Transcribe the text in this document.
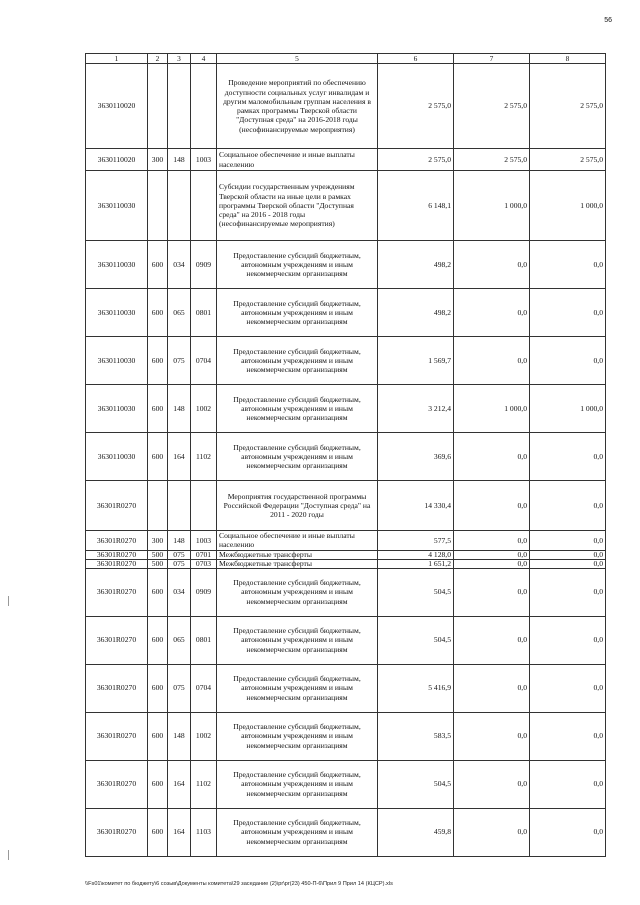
56
1	2	3	4	5	6	7	8
3630110020				Проведение мероприятий по обеспечению доступности социальных услуг инвалидам и другим маломобильным группам населения в рамках программы Тверской области "Доступная среда" на 2016-2018 годы (несофинансируемые мероприятия)	2 575,0	2 575,0	2 575,0
3630110020	300	148	1003	Социальное обеспечение и иные выплаты населению	2 575,0	2 575,0	2 575,0
3630110030				Субсидии государственным учреждениям Тверской области на иные цели в рамках программы Тверской области "Доступная среда" на 2016 - 2018 годы (несофинансируемые мероприятия)	6 148,1	1 000,0	1 000,0
3630110030	600	034	0909	Предоставление субсидий бюджетным, автономным учреждениям и иным некоммерческим организациям	498,2	0,0	0,0
3630110030	600	065	0801	Предоставление субсидий бюджетным, автономным учреждениям и иным некоммерческим организациям	498,2	0,0	0,0
3630110030	600	075	0704	Предоставление субсидий бюджетным, автономным учреждениям и иным некоммерческим организациям	1 569,7	0,0	0,0
3630110030	600	148	1002	Предоставление субсидий бюджетным, автономным учреждениям и иным некоммерческим организациям	3 212,4	1 000,0	1 000,0
3630110030	600	164	1102	Предоставление субсидий бюджетным, автономным учреждениям и иным некоммерческим организациям	369,6	0,0	0,0
36301R0270				Мероприятия государственной программы Российской Федерации "Доступная среда" на 2011 - 2020 годы	14 330,4	0,0	0,0
36301R0270	300	148	1003	Социальное обеспечение и иные выплаты населению	577,5	0,0	0,0
36301R0270	500	075	0701	Межбюджетные трансферты	4 128,0	0,0	0,0
36301R0270	500	075	0703	Межбюджетные трансферты	1 651,2	0,0	0,0
36301R0270	600	034	0909	Предоставление субсидий бюджетным, автономным учреждениям и иным некоммерческим организациям	504,5	0,0	0,0
36301R0270	600	065	0801	Предоставление субсидий бюджетным, автономным учреждениям и иным некоммерческим организациям	504,5	0,0	0,0
36301R0270	600	075	0704	Предоставление субсидий бюджетным, автономным учреждениям и иным некоммерческим организациям	5 416,9	0,0	0,0
36301R0270	600	148	1002	Предоставление субсидий бюджетным, автономным учреждениям и иным некоммерческим организациям	583,5	0,0	0,0
36301R0270	600	164	1102	Предоставление субсидий бюджетным, автономным учреждениям и иным некоммерческим организациям	504,5	0,0	0,0
36301R0270	600	164	1103	Предоставление субсидий бюджетным, автономным учреждениям и иным некоммерческим организациям	459,8	0,0	0,0
\\Fs01\комитет по бюджету\6 созыв\Документы комитета\29 заседание (2)\pr\pr(23) 450-П-6\Прил 9 Прил 14 (КЦСР).xls
